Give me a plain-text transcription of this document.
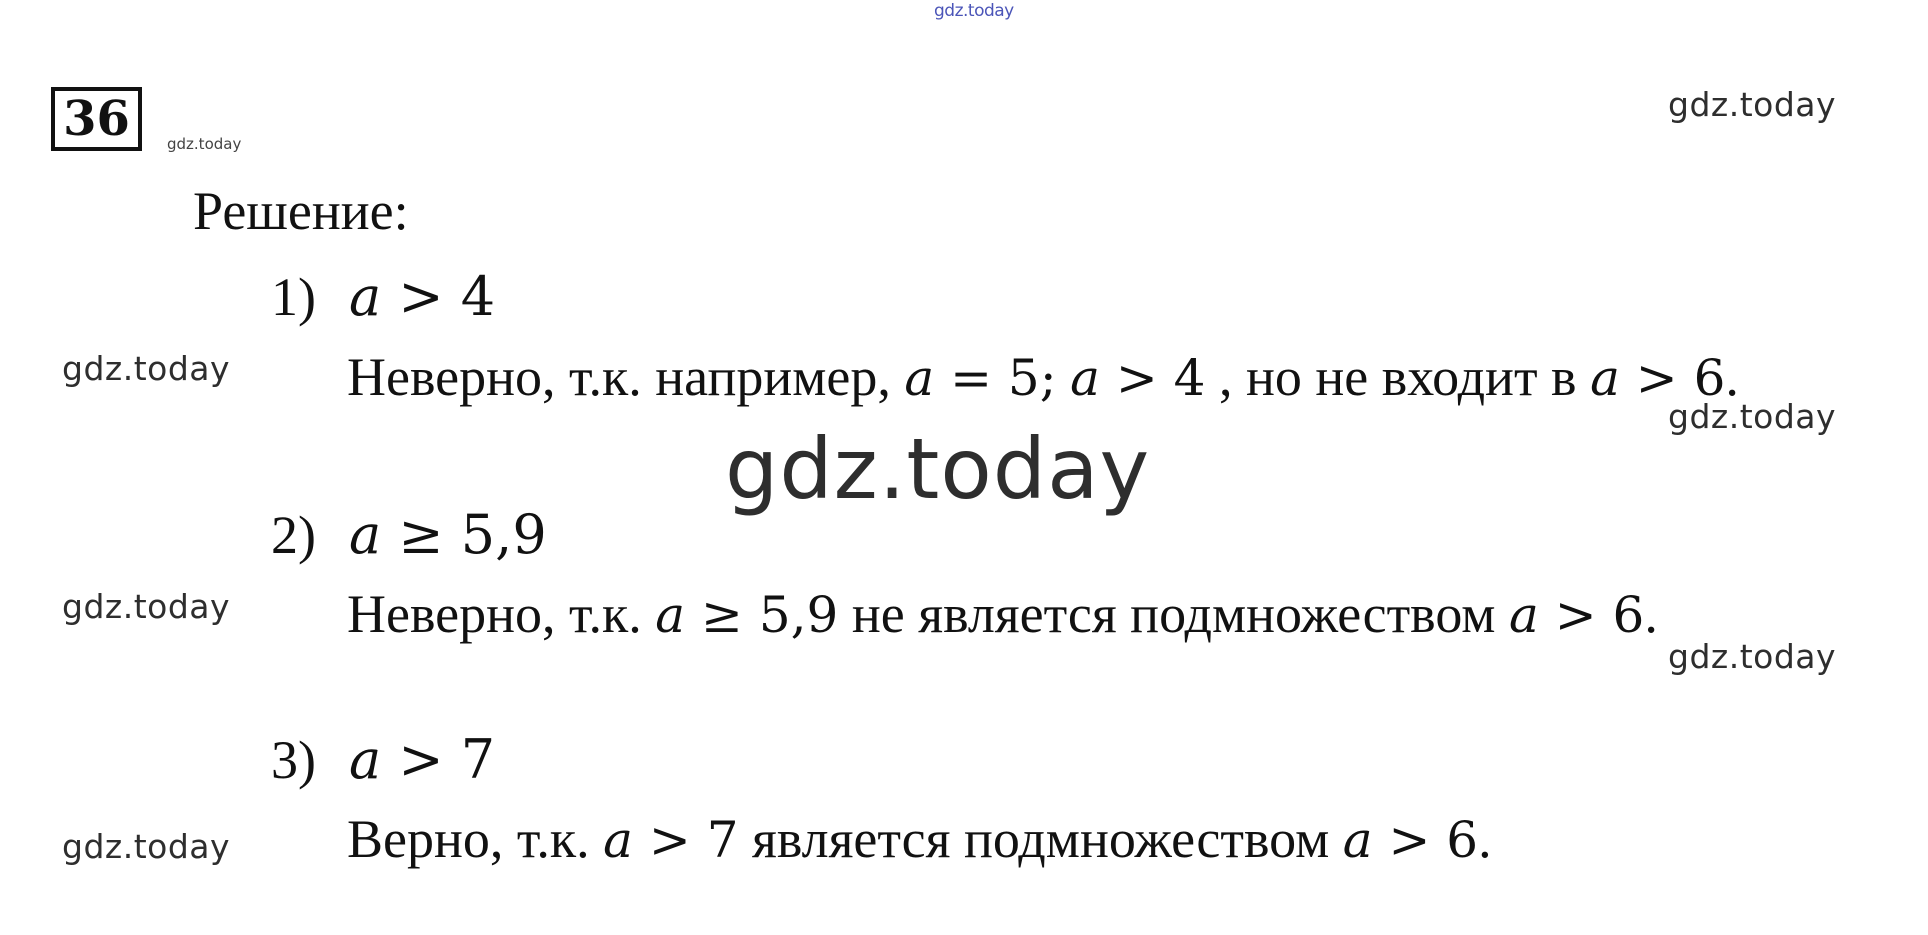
gdz.today
gdz.today
gdz.today
gdz.today
gdz.today
gdz.today
gdz.today
gdz.today
gdz.today
36
Решение:
1) a > 4
Неверно, т.к. например, a = 5; a > 4 , но не входит в a > 6.
2) a ≥ 5,9
Неверно, т.к. a ≥ 5,9 не является подмножеством a > 6.
3) a > 7
Верно, т.к. a > 7 является подмножеством a > 6.
